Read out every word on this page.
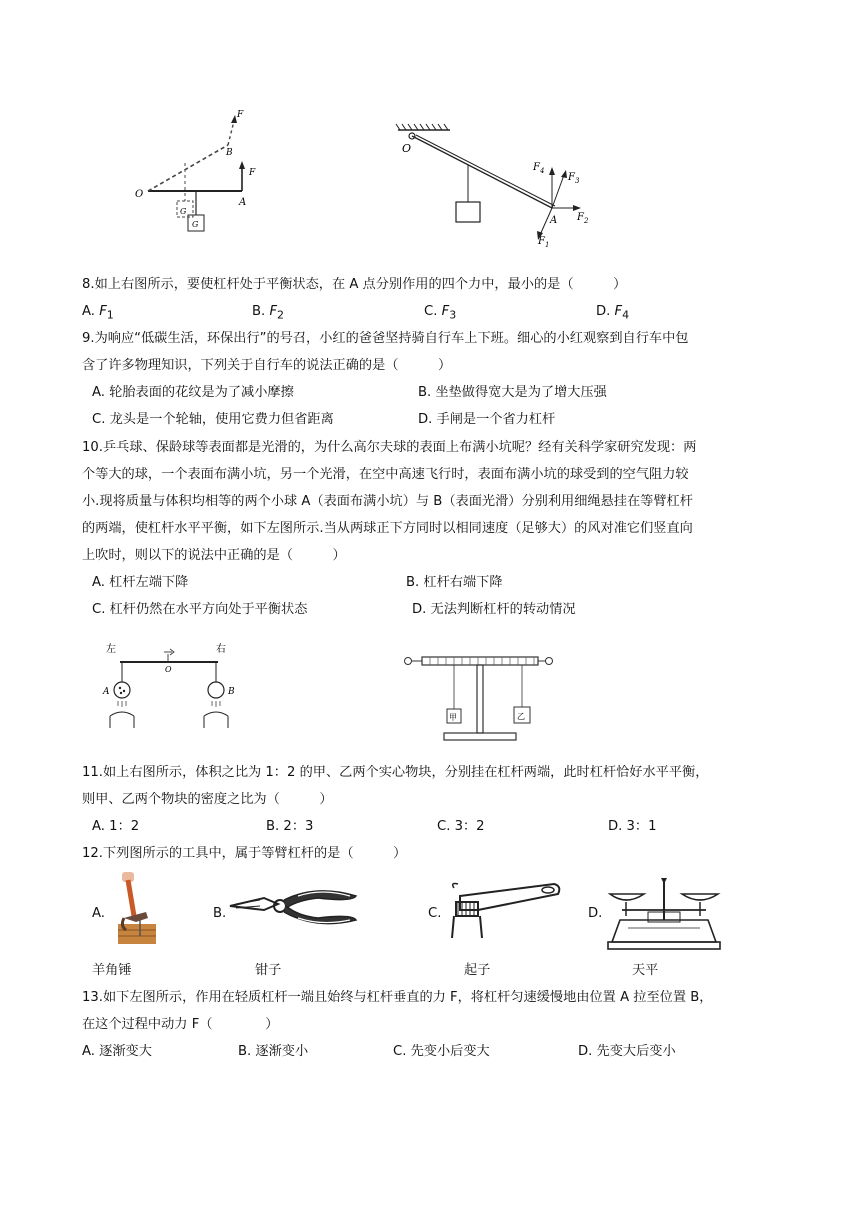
F
B
F
O
A
G
G
O
$F_4$
$F_3$
$F_2$
$F_1$
A
8.如上右图所示，要使杠杆处于平衡状态，在 A 点分别作用的四个力中，最小的是（　　　）
A. $F_1$	B. $F_2$	C. $F_3$	D. $F_4$
9.为响应“低碳生活，环保出行”的号召，小红的爸爸坚持骑自行车上下班。细心的小红观察到自行车中包
含了许多物理知识，下列关于自行车的说法正确的是（　　　）
A. 轮胎表面的花纹是为了减小摩擦	B. 坐垫做得宽大是为了增大压强
C. 龙头是一个轮轴，使用它费力但省距离	D. 手闸是一个省力杠杆
10.乒乓球、保龄球等表面都是光滑的，为什么高尔夫球的表面上布满小坑呢？经有关科学家研究发现：两
个等大的球，一个表面布满小坑，另一个光滑，在空中高速飞行时，表面布满小坑的球受到的空气阻力较
小.现将质量与体积均相等的两个小球 A（表面布满小坑）与 B（表面光滑）分别利用细绳悬挂在等臂杠杆
的两端，使杠杆水平平衡，如下左图所示.当从两球正下方同时以相同速度（足够大）的风对准它们竖直向
上吹时，则以下的说法中正确的是（　　　）
A. 杠杆左端下降	B. 杠杆右端下降
C. 杠杆仍然在水平方向处于平衡状态	D. 无法判断杠杆的转动情况
左	右
O
A	B
甲	乙
11.如上右图所示，体积之比为 1：2 的甲、乙两个实心物块，分别挂在杠杆两端，此时杠杆恰好水平平衡，
则甲、乙两个物块的密度之比为（　　　）
A. 1：2	B. 2：3	C. 3：2	D. 3：1
12.下列图所示的工具中，属于等臂杠杆的是（　　　）
A.
羊角锤
B.
钳子
C.
起子
D.
天平
13.如下左图所示，作用在轻质杠杆一端且始终与杠杆垂直的力 F，将杠杆匀速缓慢地由位置 A 拉至位置 B，
在这个过程中动力 F（　　　　）
A. 逐渐变大	B. 逐渐变小	C. 先变小后变大	D. 先变大后变小
